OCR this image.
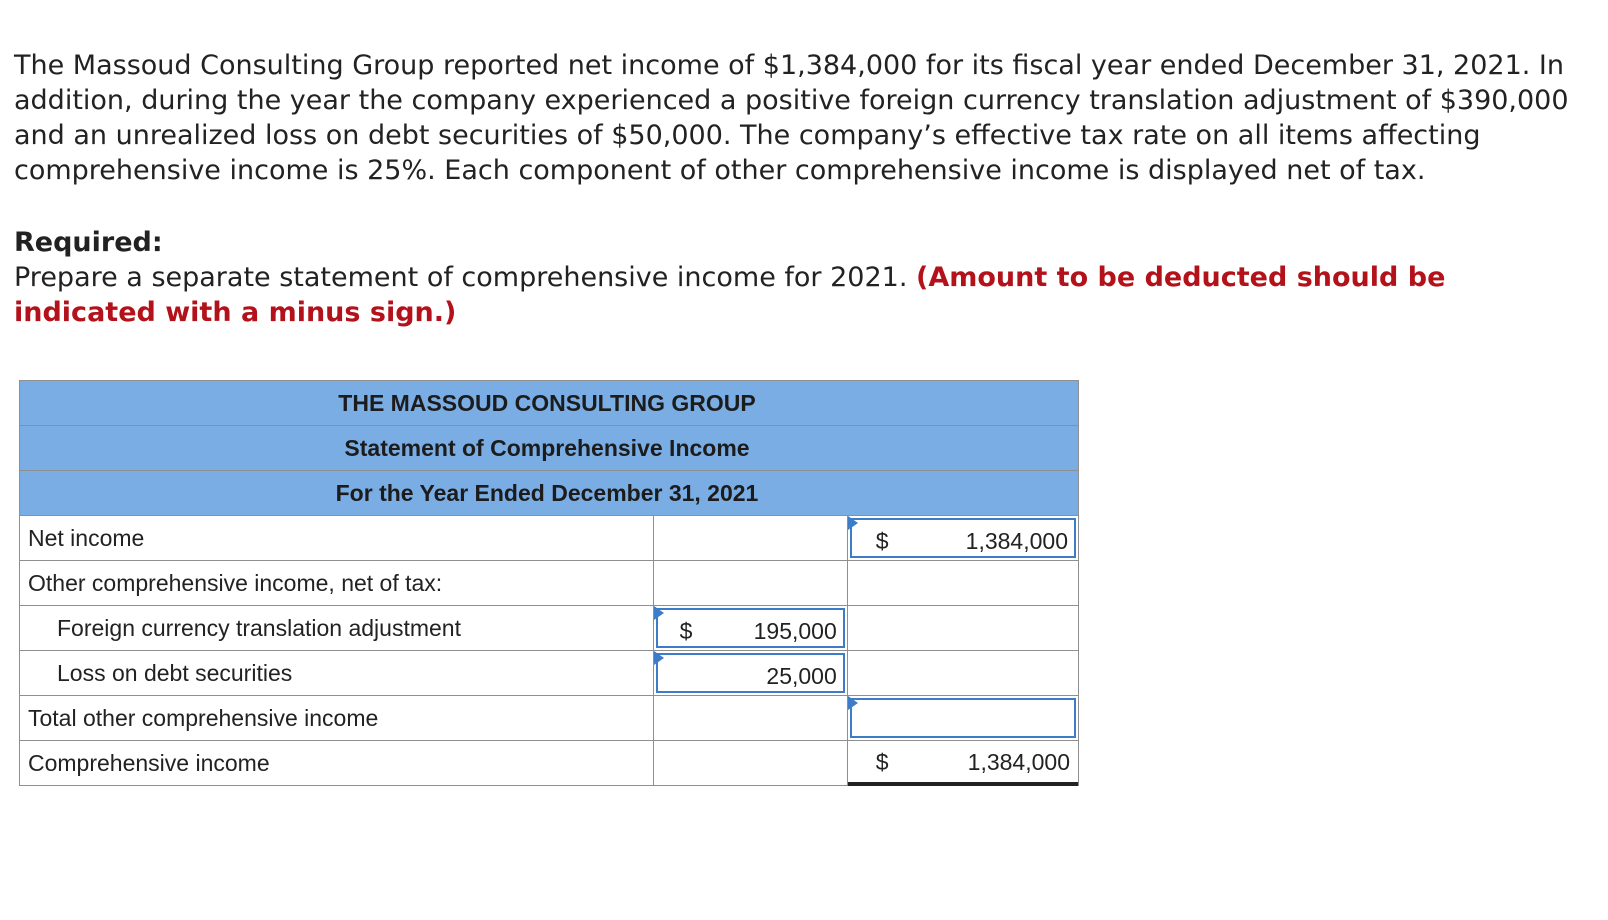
The Massoud Consulting Group reported net income of $1,384,000 for its fiscal year ended December 31, 2021. In addition, during the year the company experienced a positive foreign currency translation adjustment of $390,000 and an unrealized loss on debt securities of $50,000. The company’s effective tax rate on all items affecting comprehensive income is 25%. Each component of other comprehensive income is displayed net of tax.

Required:
Prepare a separate statement of comprehensive income for 2021. (Amount to be deducted should be indicated with a minus sign.)
THE MASSOUD CONSULTING GROUP		
Statement of Comprehensive Income		
For the Year Ended December 31, 2021		
Net income		$ 1,384,000

Other comprehensive income, net of tax:		
Foreign currency translation adjustment	$ 195,000	

Loss on debt securities	25,000	

Total other comprehensive income		

Comprehensive income		$ 1,384,000
